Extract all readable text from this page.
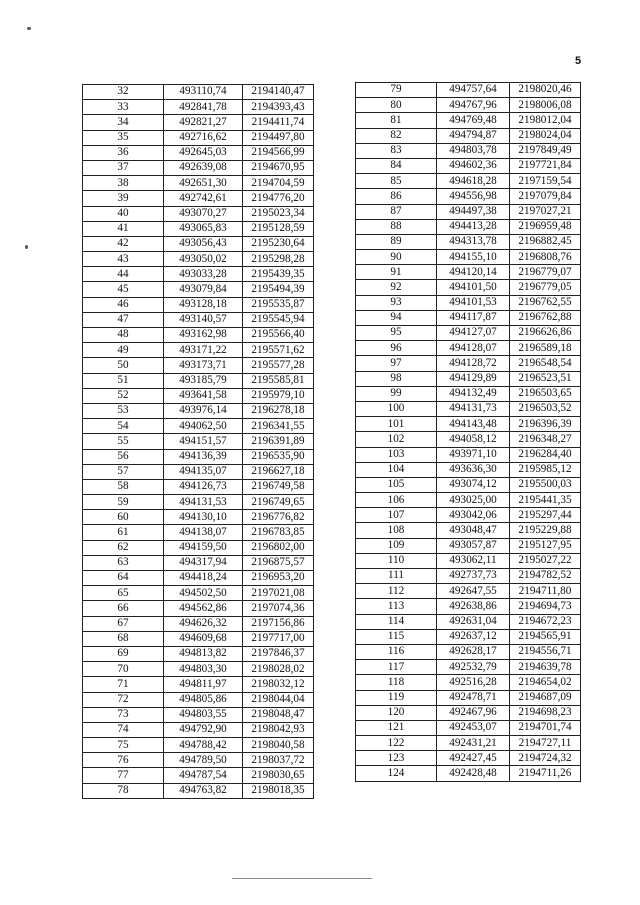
5
32	493110,74	2194140,47
33	492841,78	2194393,43
34	492821,27	2194411,74
35	492716,62	2194497,80
36	492645,03	2194566,99
37	492639,08	2194670,95
38	492651,30	2194704,59
39	492742,61	2194776,20
40	493070,27	2195023,34
41	493065,83	2195128,59
42	493056,43	2195230,64
43	493050,02	2195298,28
44	493033,28	2195439,35
45	493079,84	2195494,39
46	493128,18	2195535,87
47	493140,57	2195545,94
48	493162,98	2195566,40
49	493171,22	2195571,62
50	493173,71	2195577,28
51	493185,79	2195585,81
52	493641,58	2195979,10
53	493976,14	2196278,18
54	494062,50	2196341,55
55	494151,57	2196391,89
56	494136,39	2196535,90
57	494135,07	2196627,18
58	494126,73	2196749,58
59	494131,53	2196749,65
60	494130,10	2196776,82
61	494138,07	2196783,85
62	494159,50	2196802,00
63	494317,94	2196875,57
64	494418,24	2196953,20
65	494502,50	2197021,08
66	494562,86	2197074,36
67	494626,32	2197156,86
68	494609,68	2197717,00
69	494813,82	2197846,37
70	494803,30	2198028,02
71	494811,97	2198032,12
72	494805,86	2198044,04
73	494803,55	2198048,47
74	494792,90	2198042,93
75	494788,42	2198040,58
76	494789,50	2198037,72
77	494787,54	2198030,65
78	494763,82	2198018,35
79	494757,64	2198020,46
80	494767,96	2198006,08
81	494769,48	2198012,04
82	494794,87	2198024,04
83	494803,78	2197849,49
84	494602,36	2197721,84
85	494618,28	2197159,54
86	494556,98	2197079,84
87	494497,38	2197027,21
88	494413,28	2196959,48
89	494313,78	2196882,45
90	494155,10	2196808,76
91	494120,14	2196779,07
92	494101,50	2196779,05
93	494101,53	2196762,55
94	494117,87	2196762,88
95	494127,07	2196626,86
96	494128,07	2196589,18
97	494128,72	2196548,54
98	494129,89	2196523,51
99	494132,49	2196503,65
100	494131,73	2196503,52
101	494143,48	2196396,39
102	494058,12	2196348,27
103	493971,10	2196284,40
104	493636,30	2195985,12
105	493074,12	2195500,03
106	493025,00	2195441,35
107	493042,06	2195297,44
108	493048,47	2195229,88
109	493057,87	2195127,95
110	493062,11	2195027,22
111	492737,73	2194782,52
112	492647,55	2194711,80
113	492638,86	2194694,73
114	492631,04	2194672,23
115	492637,12	2194565,91
116	492628,17	2194556,71
117	492532,79	2194639,78
118	492516,28	2194654,02
119	492478,71	2194687,09
120	492467,96	2194698,23
121	492453,07	2194701,74
122	492431,21	2194727,11
123	492427,45	2194724,32
124	492428,48	2194711,26
